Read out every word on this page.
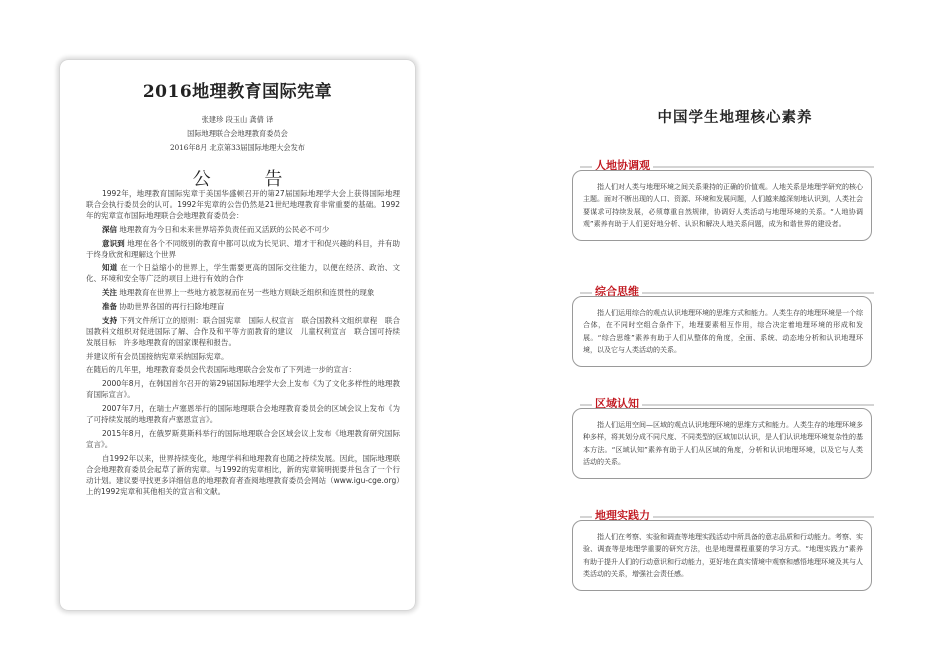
2016地理教育国际宪章
张建珍 段玉山 龚倩 译
国际地理联合会地理教育委员会
2016年8月 北京第33届国际地理大会发布
公 告

1992年，地理教育国际宪章于美国华盛顿召开的第27届国际地理学大会上获得国际地理联合会执行委员会的认可。1992年宪章的公告仍然是21世纪地理教育非常重要的基础。1992年的宪章宣布国际地理联合会地理教育委员会：

深信 地理教育为今日和未来世界培养负责任而又活跃的公民必不可少

意识到 地理在各个不同级别的教育中都可以成为长见识、增才干和促兴趣的科目，并有助于终身欣赏和理解这个世界

知道 在一个日益缩小的世界上，学生需要更高的国际交往能力，以便在经济、政治、文化、环境和安全等广泛的项目上进行有效的合作

关注 地理教育在世界上一些地方被忽视而在另一些地方则缺乏组织和连贯性的现象

准备 协助世界各国的再行扫除地理盲

支持 下列文件所订立的原则：联合国宪章　国际人权宣言　联合国教科文组织章程　联合国教科文组织对促进国际了解、合作及和平等方面教育的建议　儿童权利宣言　联合国可持续发展目标　许多地理教育的国家课程和报告。

并建议所有会员国接纳宪章采纳国际宪章。

在随后的几年里，地理教育委员会代表国际地理联合会发布了下列进一步的宣言：

2000年8月，在韩国首尔召开的第29届国际地理学大会上发布《为了文化多样性的地理教育国际宣言》。

2007年7月，在瑞士卢塞恩举行的国际地理联合会地理教育委员会的区域会议上发布《为了可持续发展的地理教育卢塞恩宣言》。

2015年8月，在俄罗斯莫斯科举行的国际地理联合会区域会议上发布《地理教育研究国际宣言》。

自1992年以来，世界持续变化，地理学科和地理教育也随之持续发展。因此，国际地理联合会地理教育委员会起草了新的宪章。与1992的宪章相比，新的宪章简明扼要并包含了一个行动计划。建议要寻找更多详细信息的地理教育者查阅地理教育委员会网站（www.igu-cge.org）上的1992宪章和其他相关的宣言和文献。

中国学生地理核心素养
人地协调观
指人们对人类与地理环境之间关系秉持的正确的价值观。人地关系是地理学研究的核心主题。面对不断出现的人口、资源、环境和发展问题，人们越来越深刻地认识到，人类社会要谋求可持续发展，必须尊重自然规律，协调好人类活动与地理环境的关系。“人地协调观”素养有助于人们更好地分析、认识和解决人地关系问题，成为和谐世界的建设者。
综合思维
指人们运用综合的观点认识地理环境的思维方式和能力。人类生存的地理环境是一个综合体，在不同时空组合条件下，地理要素相互作用，综合决定着地理环境的形成和发展。“综合思维”素养有助于人们从整体的角度，全面、系统、动态地分析和认识地理环境，以及它与人类活动的关系。
区域认知
指人们运用空间—区域的观点认识地理环境的思维方式和能力。人类生存的地理环境多种多样，将其划分成不同尺度、不同类型的区域加以认识，是人们认识地理环境复杂性的基本方法。“区域认知”素养有助于人们从区域的角度，分析和认识地理环境，以及它与人类活动的关系。
地理实践力
指人们在考察、实验和调查等地理实践活动中所具备的意志品质和行动能力。考察、实验、调查等是地理学重要的研究方法，也是地理课程重要的学习方式。“地理实践力”素养有助于提升人们的行动意识和行动能力，更好地在真实情境中观察和感悟地理环境及其与人类活动的关系，增强社会责任感。
